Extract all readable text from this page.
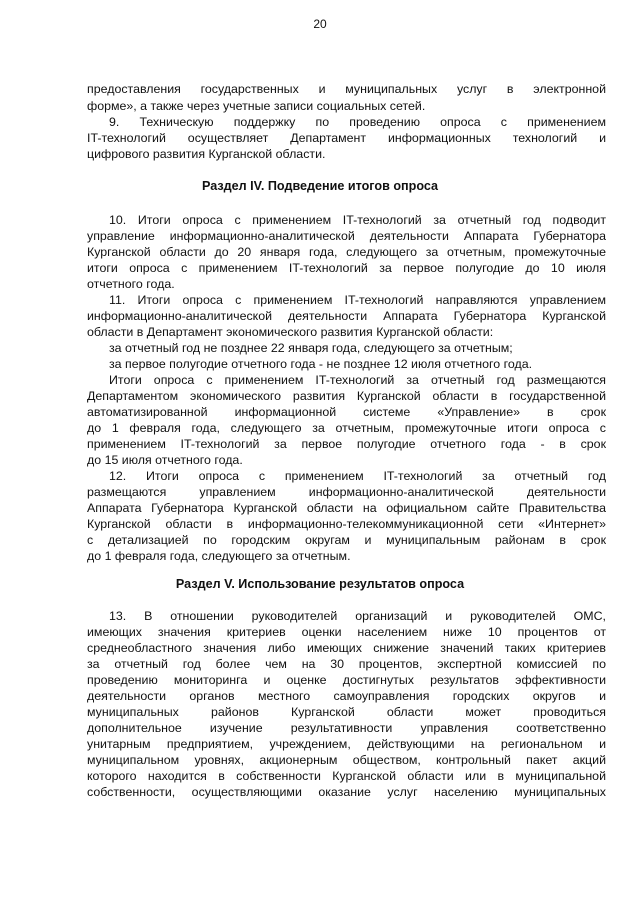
20
предоставления государственных и муниципальных услуг в электронной
форме», а также через учетные записи социальных сетей.
9. Техническую поддержку по проведению опроса с применением
IT-технологий осуществляет Департамент информационных технологий и
цифрового развития Курганской области.
Раздел IV. Подведение итогов опроса
10. Итоги опроса с применением IT-технологий за отчетный год подводит
управление информационно-аналитической деятельности Аппарата Губернатора
Курганской области до 20 января года, следующего за отчетным, промежуточные
итоги опроса с применением IT-технологий за первое полугодие до 10 июля
отчетного года.
11. Итоги опроса с применением IT-технологий направляются управлением
информационно-аналитической деятельности Аппарата Губернатора Курганской
области в Департамент экономического развития Курганской области:
за отчетный год не позднее 22 января года, следующего за отчетным;
за первое полугодие отчетного года - не позднее 12 июля отчетного года.
Итоги опроса с применением IT-технологий за отчетный год размещаются
Департаментом экономического развития Курганской области в государственной
автоматизированной информационной системе «Управление» в срок
до 1 февраля года, следующего за отчетным, промежуточные итоги опроса с
применением IT-технологий за первое полугодие отчетного года - в срок
до 15 июля отчетного года.
12. Итоги опроса с применением IT-технологий за отчетный год
размещаются управлением информационно-аналитической деятельности
Аппарата Губернатора Курганской области на официальном сайте Правительства
Курганской области в информационно-телекоммуникационной сети «Интернет»
с детализацией по городским округам и муниципальным районам в срок
до 1 февраля года, следующего за отчетным.
Раздел V. Использование результатов опроса
13. В отношении руководителей организаций и руководителей ОМС,
имеющих значения критериев оценки населением ниже 10 процентов от
среднеобластного значения либо имеющих снижение значений таких критериев
за отчетный год более чем на 30 процентов, экспертной комиссией по
проведению мониторинга и оценке достигнутых результатов эффективности
деятельности органов местного самоуправления городских округов и
муниципальных районов Курганской области может проводиться
дополнительное изучение результативности управления соответственно
унитарным предприятием, учреждением, действующими на региональном и
муниципальном уровнях, акционерным обществом, контрольный пакет акций
которого находится в собственности Курганской области или в муниципальной
собственности, осуществляющими оказание услуг населению муниципальных
